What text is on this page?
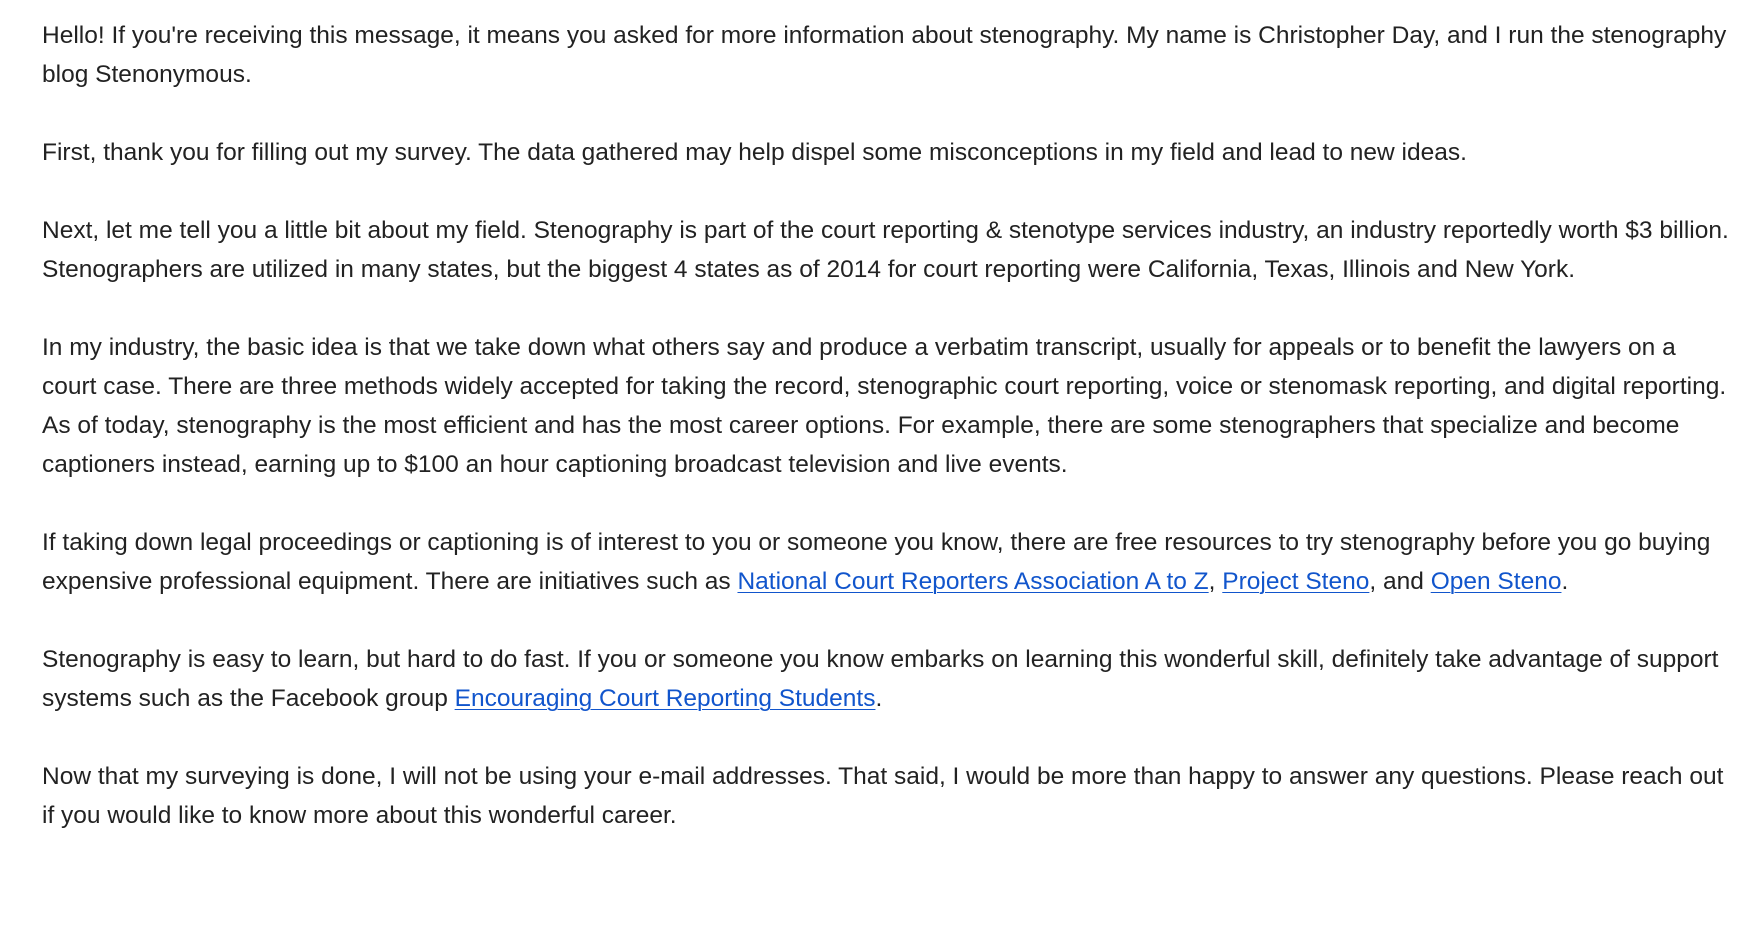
Hello! If you're receiving this message, it means you asked for more information about stenography. My name is Christopher Day, and I run the stenography blog Stenonymous.

First, thank you for filling out my survey. The data gathered may help dispel some misconceptions in my field and lead to new ideas.

Next, let me tell you a little bit about my field. Stenography is part of the court reporting & stenotype services industry, an industry reportedly worth $3 billion. Stenographers are utilized in many states, but the biggest 4 states as of 2014 for court reporting were California, Texas, Illinois and New York.

In my industry, the basic idea is that we take down what others say and produce a verbatim transcript, usually for appeals or to benefit the lawyers on a court case. There are three methods widely accepted for taking the record, stenographic court reporting, voice or stenomask reporting, and digital reporting. As of today, stenography is the most efficient and has the most career options. For example, there are some stenographers that specialize and become captioners instead, earning up to $100 an hour captioning broadcast television and live events.

If taking down legal proceedings or captioning is of interest to you or someone you know, there are free resources to try stenography before you go buying expensive professional equipment. There are initiatives such as National Court Reporters Association A to Z, Project Steno, and Open Steno.

Stenography is easy to learn, but hard to do fast. If you or someone you know embarks on learning this wonderful skill, definitely take advantage of support systems such as the Facebook group Encouraging Court Reporting Students.

Now that my surveying is done, I will not be using your e-mail addresses. That said, I would be more than happy to answer any questions. Please reach out if you would like to know more about this wonderful career.
